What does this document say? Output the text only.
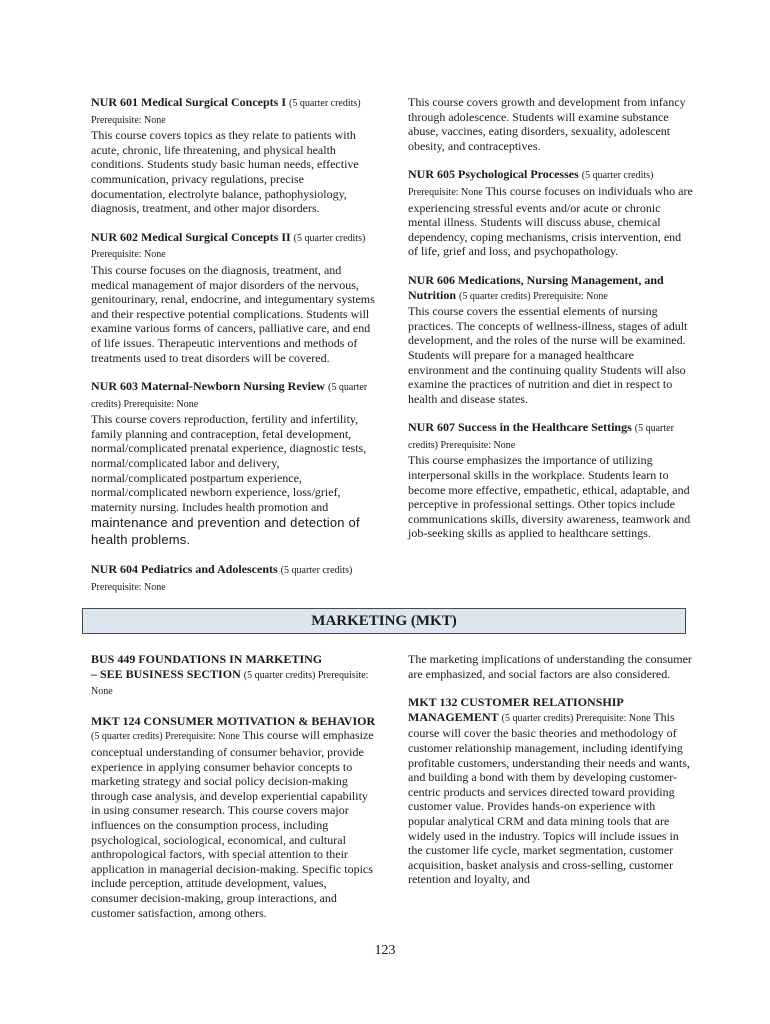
NUR 601 Medical Surgical Concepts I (5 quarter credits) Prerequisite: None
This course covers topics as they relate to patients with acute, chronic, life threatening, and physical health conditions. Students study basic human needs, effective communication, privacy regulations, precise documentation, electrolyte balance, pathophysiology, diagnosis, treatment, and other major disorders.
NUR 602 Medical Surgical Concepts II (5 quarter credits) Prerequisite: None
This course focuses on the diagnosis, treatment, and medical management of major disorders of the nervous, genitourinary, renal, endocrine, and integumentary systems and their respective potential complications. Students will examine various forms of cancers, palliative care, and end of life issues. Therapeutic interventions and methods of treatments used to treat disorders will be covered.
NUR 603 Maternal-Newborn Nursing Review (5 quarter credits) Prerequisite: None
This course covers reproduction, fertility and infertility, family planning and contraception, fetal development, normal/complicated prenatal experience, diagnostic tests, normal/complicated labor and delivery, normal/complicated postpartum experience, normal/complicated newborn experience, loss/grief, maternity nursing. Includes health promotion and maintenance and prevention and detection of health problems.
NUR 604 Pediatrics and Adolescents (5 quarter credits) Prerequisite: None
This course covers growth and development from infancy through adolescence. Students will examine substance abuse, vaccines, eating disorders, sexuality, adolescent obesity, and contraceptives.
NUR 605 Psychological Processes (5 quarter credits) Prerequisite: None This course focuses on individuals who are experiencing stressful events and/or acute or chronic mental illness. Students will discuss abuse, chemical dependency, coping mechanisms, crisis intervention, end of life, grief and loss, and psychopathology.
NUR 606 Medications, Nursing Management, and Nutrition (5 quarter credits) Prerequisite: None
This course covers the essential elements of nursing practices. The concepts of wellness-illness, stages of adult development, and the roles of the nurse will be examined. Students will prepare for a managed healthcare environment and the continuing quality Students will also examine the practices of nutrition and diet in respect to health and disease states.
NUR 607 Success in the Healthcare Settings (5 quarter credits) Prerequisite: None
This course emphasizes the importance of utilizing interpersonal skills in the workplace. Students learn to become more effective, empathetic, ethical, adaptable, and perceptive in professional settings. Other topics include communications skills, diversity awareness, teamwork and job-seeking skills as applied to healthcare settings.
MARKETING (MKT)
BUS 449 FOUNDATIONS IN MARKETING
– SEE BUSINESS SECTION (5 quarter credits) Prerequisite: None
MKT 124 CONSUMER MOTIVATION & BEHAVIOR (5 quarter credits) Prerequisite: None This course will emphasize conceptual understanding of consumer behavior, provide experience in applying consumer behavior concepts to marketing strategy and social policy decision-making through case analysis, and develop experiential capability in using consumer research. This course covers major influences on the consumption process, including psychological, sociological, economical, and cultural anthropological factors, with special attention to their application in managerial decision-making. Specific topics include perception, attitude development, values, consumer decision-making, group interactions, and customer satisfaction, among others.
The marketing implications of understanding the consumer are emphasized, and social factors are also considered.
MKT 132 CUSTOMER RELATIONSHIP MANAGEMENT (5 quarter credits) Prerequisite: None This course will cover the basic theories and methodology of customer relationship management, including identifying profitable customers, understanding their needs and wants, and building a bond with them by developing customer-centric products and services directed toward providing customer value. Provides hands-on experience with popular analytical CRM and data mining tools that are widely used in the industry. Topics will include issues in the customer life cycle, market segmentation, customer acquisition, basket analysis and cross-selling, customer retention and loyalty, and
123
